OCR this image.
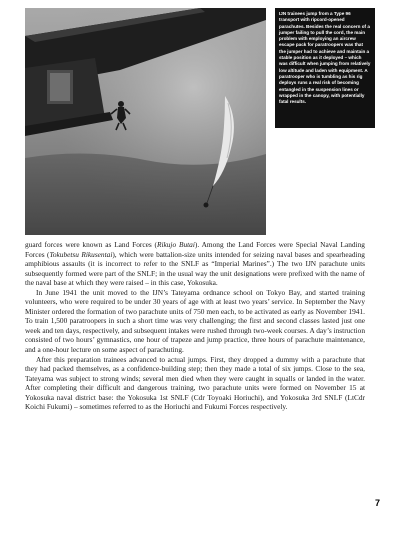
IJN trainees jump from a Type 96 transport with ripcord-opened parachutes. Besides the real concern of a jumper failing to pull the cord, the main problem with employing an aircrew escape pack for paratroopers was that the jumper had to achieve and maintain a stable position as it deployed – which was difficult when jumping from relatively low altitude and laden with equipment. A paratrooper who is tumbling as his rig deploys runs a real risk of becoming entangled in the suspension lines or wrapped in the canopy, with potentially fatal results.

guard forces were known as Land Forces (Rikujo Butai). Among the Land Forces were Special Naval Landing Forces (Tokubetsu Rikusentai), which were battalion-size units intended for seizing naval bases and spearheading amphibious assaults (it is incorrect to refer to the SNLF as “Imperial Marines”.) The two IJN parachute units subsequently formed were part of the SNLF; in the usual way the unit designations were prefixed with the name of the naval base at which they were raised – in this case, Yokosuka.

In June 1941 the unit moved to the IJN’s Tateyama ordnance school on Tokyo Bay, and started training volunteers, who were required to be under 30 years of age with at least two years’ service. In September the Navy Minister ordered the formation of two parachute units of 750 men each, to be activated as early as November 1941. To train 1,500 paratroopers in such a short time was very challenging; the first and second classes lasted just one week and ten days, respectively, and subsequent intakes were rushed through two-week courses. A day’s instruction consisted of two hours’ gymnastics, one hour of trapeze and jump practice, three hours of parachute maintenance, and a one-hour lecture on some aspect of parachuting.

After this preparation trainees advanced to actual jumps. First, they dropped a dummy with a parachute that they had packed themselves, as a confidence-building step; then they made a total of six jumps. Close to the sea, Tateyama was subject to strong winds; several men died when they were caught in squalls or landed in the water. After completing their difficult and dangerous training, two parachute units were formed on November 15 at Yokosuka naval district base: the Yokosuka 1st SNLF (Cdr Toyoaki Horiuchi), and Yokosuka 3rd SNLF (LtCdr Koichi Fukumi) – sometimes referred to as the Horiuchi and Fukumi Forces respectively.

7
